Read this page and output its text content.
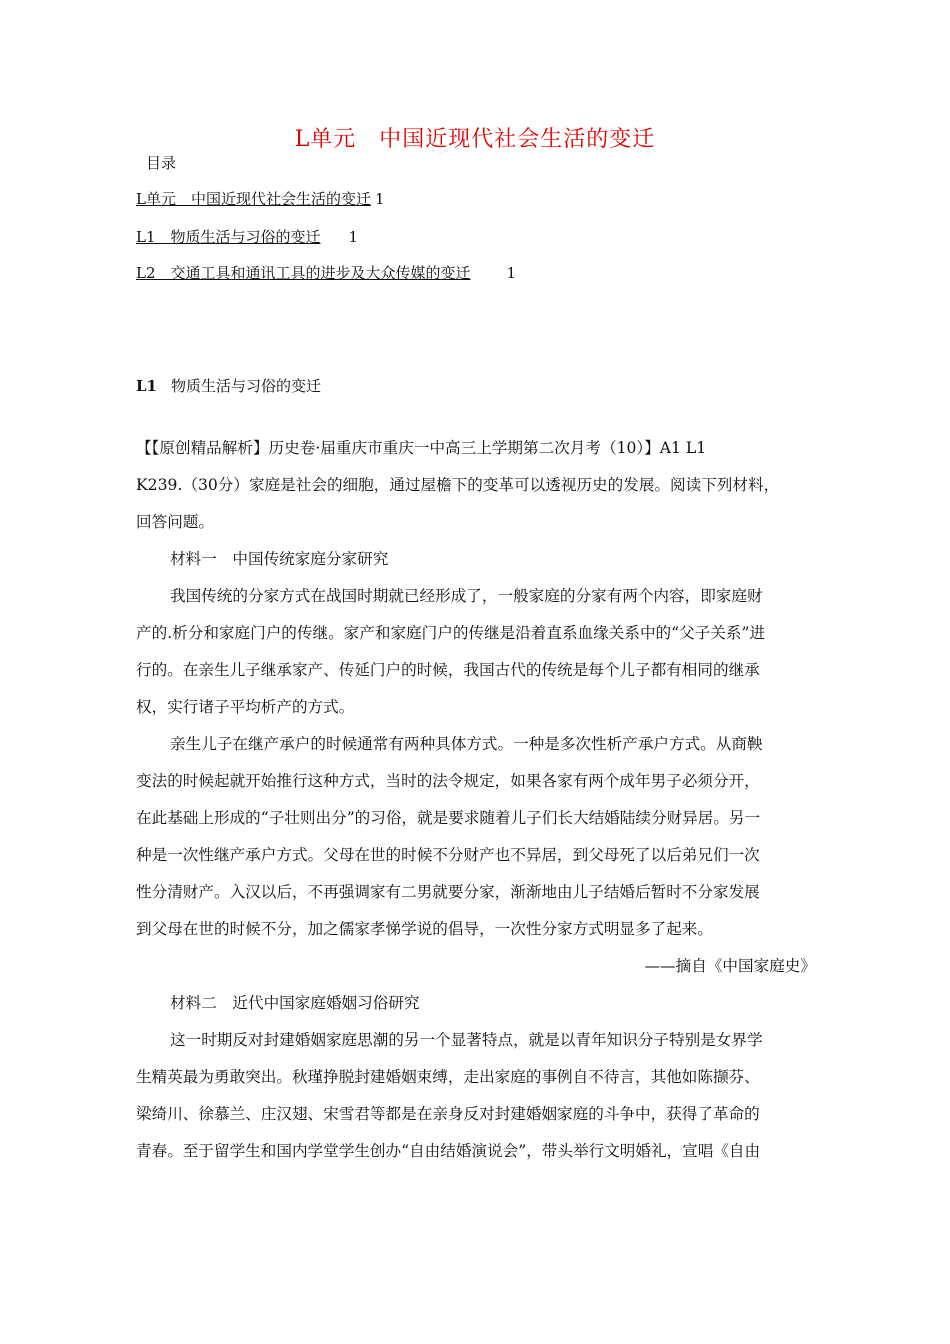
L单元　中国近现代社会生活的变迁
目录
L单元　中国近现代社会生活的变迁 1
L1　物质生活与习俗的变迁 1
L2　交通工具和通讯工具的进步及大众传媒的变迁 1
L1 物质生活与习俗的变迁
【【原创精品解析】历史卷·届重庆市重庆一中高三上学期第二次月考（10）】A1 L1
K239.（30分）家庭是社会的细胞，通过屋檐下的变革可以透视历史的发展。阅读下列材料，
回答问题。
材料一　中国传统家庭分家研究
我国传统的分家方式在战国时期就已经形成了，一般家庭的分家有两个内容，即家庭财
产的.析分和家庭门户的传继。家产和家庭门户的传继是沿着直系血缘关系中的“父子关系”进
行的。在亲生儿子继承家产、传延门户的时候，我国古代的传统是每个儿子都有相同的继承
权，实行诸子平均析产的方式。
亲生儿子在继产承户的时候通常有两种具体方式。一种是多次性析产承户方式。从商鞅
变法的时候起就开始推行这种方式，当时的法令规定，如果各家有两个成年男子必须分开，
在此基础上形成的“子壮则出分”的习俗，就是要求随着儿子们长大结婚陆续分财异居。另一
种是一次性继产承户方式。父母在世的时候不分财产也不异居，到父母死了以后弟兄们一次
性分清财产。入汉以后，不再强调家有二男就要分家，渐渐地由儿子结婚后暂时不分家发展
到父母在世的时候不分，加之儒家孝悌学说的倡导，一次性分家方式明显多了起来。
——摘自《中国家庭史》
材料二　近代中国家庭婚姻习俗研究
这一时期反对封建婚姻家庭思潮的另一个显著特点，就是以青年知识分子特别是女界学
生精英最为勇敢突出。秋瑾挣脱封建婚姻束缚，走出家庭的事例自不待言，其他如陈撷芬、
梁绮川、徐慕兰、庄汉翅、宋雪君等都是在亲身反对封建婚姻家庭的斗争中，获得了革命的
青春。至于留学生和国内学堂学生创办“自由结婚演说会”，带头举行文明婚礼，宣唱《自由
